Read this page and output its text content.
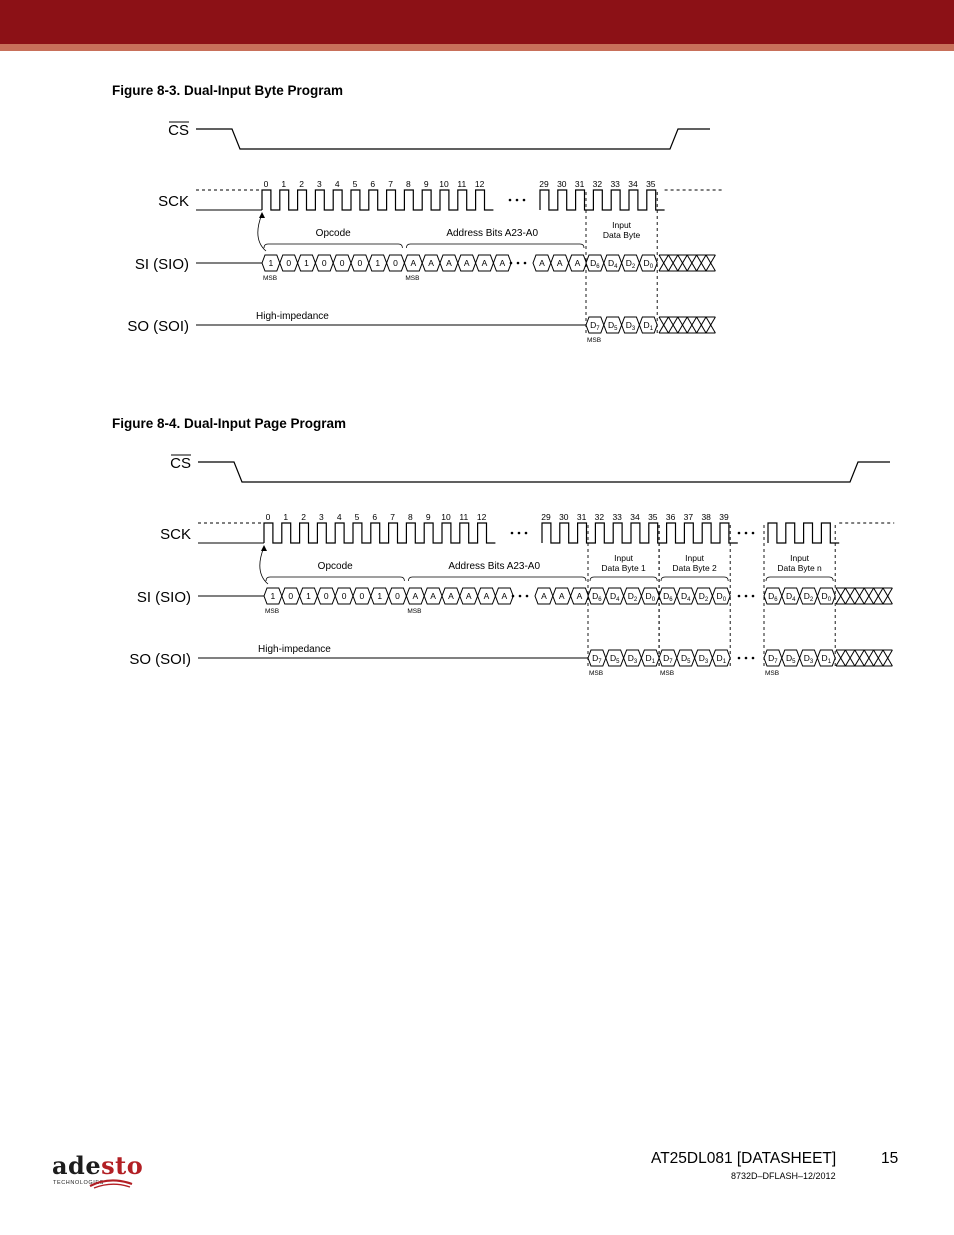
Figure 8-3. Dual-Input Byte Program
CS
SCK
SI (SIO)
SO (SOI)
0 1 2 3 4 5 6 7 8 9 10 11 12	29 30 31 32 33 34 35
1 0 1 0 0 0 1 0 A A A A A A	A A A $D_6$
$D_7$
$D_4$
$D_5$
$D_2$
$D_3$
$D_0$
$D_1$
Input
Data Byte
MSB
Opcode	Address Bits A23-A0
MSB	MSB
High-impedance
Figure 8-4. Dual-Input Page Program
CS
SCK
SI (SIO)
SO (SOI)
0 1 2 3 4 5 6 7 8 9 10 11 12	29 30 31 32 33 34 35 36 37 38 39
1 0 1 0 0 0 1 0 A A A A A A	A A A $D_6$
$D_7$
$D_4$
$D_5$
$D_2$
$D_3$
$D_0$
$D_1$
Input
Data Byte 1
MSB
$D_6$
$D_7$
$D_4$
$D_5$
$D_2$
$D_3$
$D_0$
$D_1$
Input
Data Byte 2
MSB
$D_6$
$D_7$
$D_4$
$D_5$
$D_2$
$D_3$
$D_0$
$D_1$
Input
Data Byte n
MSB
Opcode	Address Bits A23-A0
MSB	MSB
High-impedance
adesto
TECHNOLOGIES
AT25DL081 [DATASHEET]	15
8732D–DFLASH–12/2012
